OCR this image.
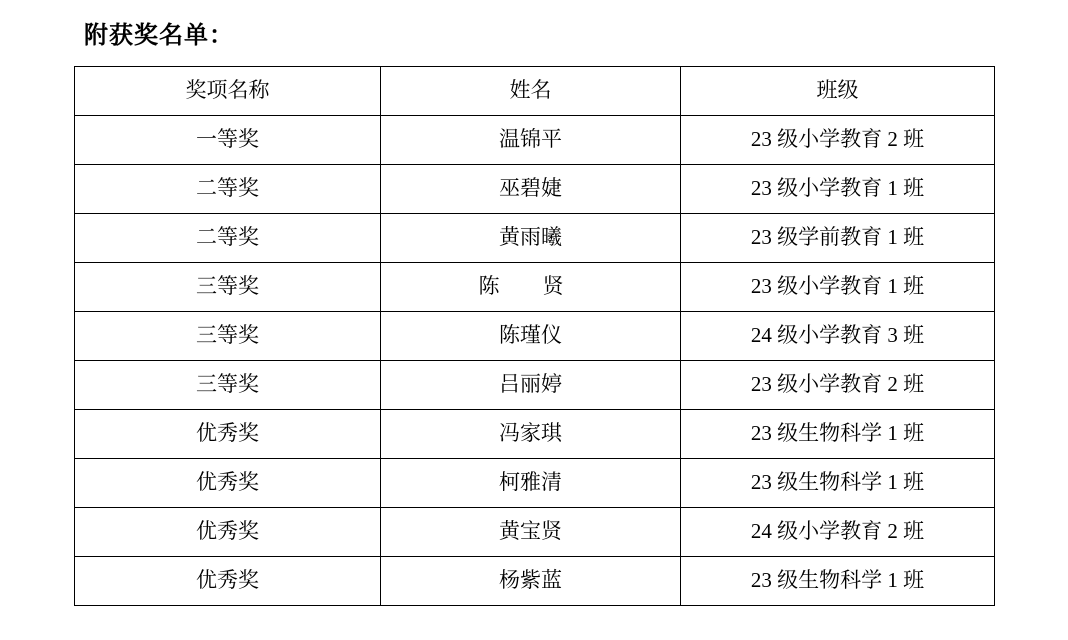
附获奖名单：
奖项名称	姓名	班级
一等奖	温锦平	23 级小学教育 2 班
二等奖	巫碧婕	23 级小学教育 1 班
二等奖	黄雨曦	23 级学前教育 1 班
三等奖	陈 贤	23 级小学教育 1 班
三等奖	陈瑾仪	24 级小学教育 3 班
三等奖	吕丽婷	23 级小学教育 2 班
优秀奖	冯家琪	23 级生物科学 1 班
优秀奖	柯雅清	23 级生物科学 1 班
优秀奖	黄宝贤	24 级小学教育 2 班
优秀奖	杨紫蓝	23 级生物科学 1 班
